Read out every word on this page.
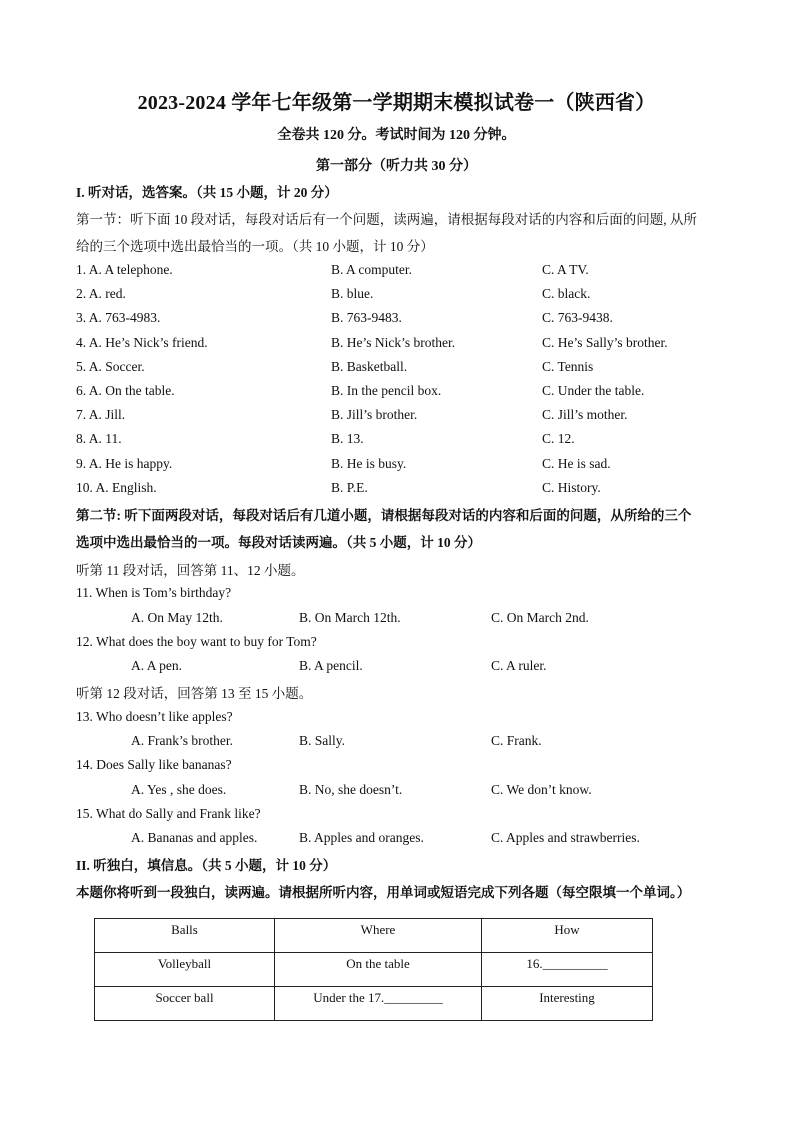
2023-2024 学年七年级第一学期期末模拟试卷一（陕西省）
全卷共 120 分。考试时间为 120 分钟。
第一部分（听力共 30 分）
I. 听对话，选答案。（共 15 小题，计 20 分）
第一节：听下面 10 段对话，每段对话后有一个问题，读两遍，请根据每段对话的内容和后面的问题, 从所
给的三个选项中选出最恰当的一项。（共 10 小题，计 10 分）
1. A. A telephone.	B. A computer.	C. A TV.
2. A. red.	B. blue.	C. black.
3. A. 763-4983.	B. 763-9483.	C. 763-9438.
4. A. He’s Nick’s friend.	B. He’s Nick’s brother.	C. He’s Sally’s brother.
5. A. Soccer.	B. Basketball.	C. Tennis
6. A. On the table.	B. In the pencil box.	C. Under the table.
7. A. Jill.	B. Jill’s brother.	C. Jill’s mother.
8. A. 11.	B. 13.	C. 12.
9. A. He is happy.	B. He is busy.	C. He is sad.
10. A. English.	B. P.E.	C. History.
第二节: 听下面两段对话，每段对话后有几道小题，请根据每段对话的内容和后面的问题，从所给的三个
选项中选出最恰当的一项。每段对话读两遍。（共 5 小题，计 10 分）
听第 11 段对话，回答第 11、12 小题。
11. When is Tom’s birthday?
A. On May 12th.	B. On March 12th.	C. On March 2nd.
12. What does the boy want to buy for Tom?
A. A pen.	B. A pencil.	C. A ruler.
听第 12 段对话，回答第 13 至 15 小题。
13. Who doesn’t like apples?
A. Frank’s brother.	B. Sally.	C. Frank.
14. Does Sally like bananas?
A. Yes , she does.	B. No, she doesn’t.	C. We don’t know.
15. What do Sally and Frank like?
A. Bananas and apples.	B. Apples and oranges.	C. Apples and strawberries.
II. 听独白，填信息。（共 5 小题，计 10 分）
本题你将听到一段独白，读两遍。请根据所听内容，用单词或短语完成下列各题（每空限填一个单词。）
Balls	Where	How
Volleyball	On the table	16.__________
Soccer ball	Under the 17._________	Interesting
